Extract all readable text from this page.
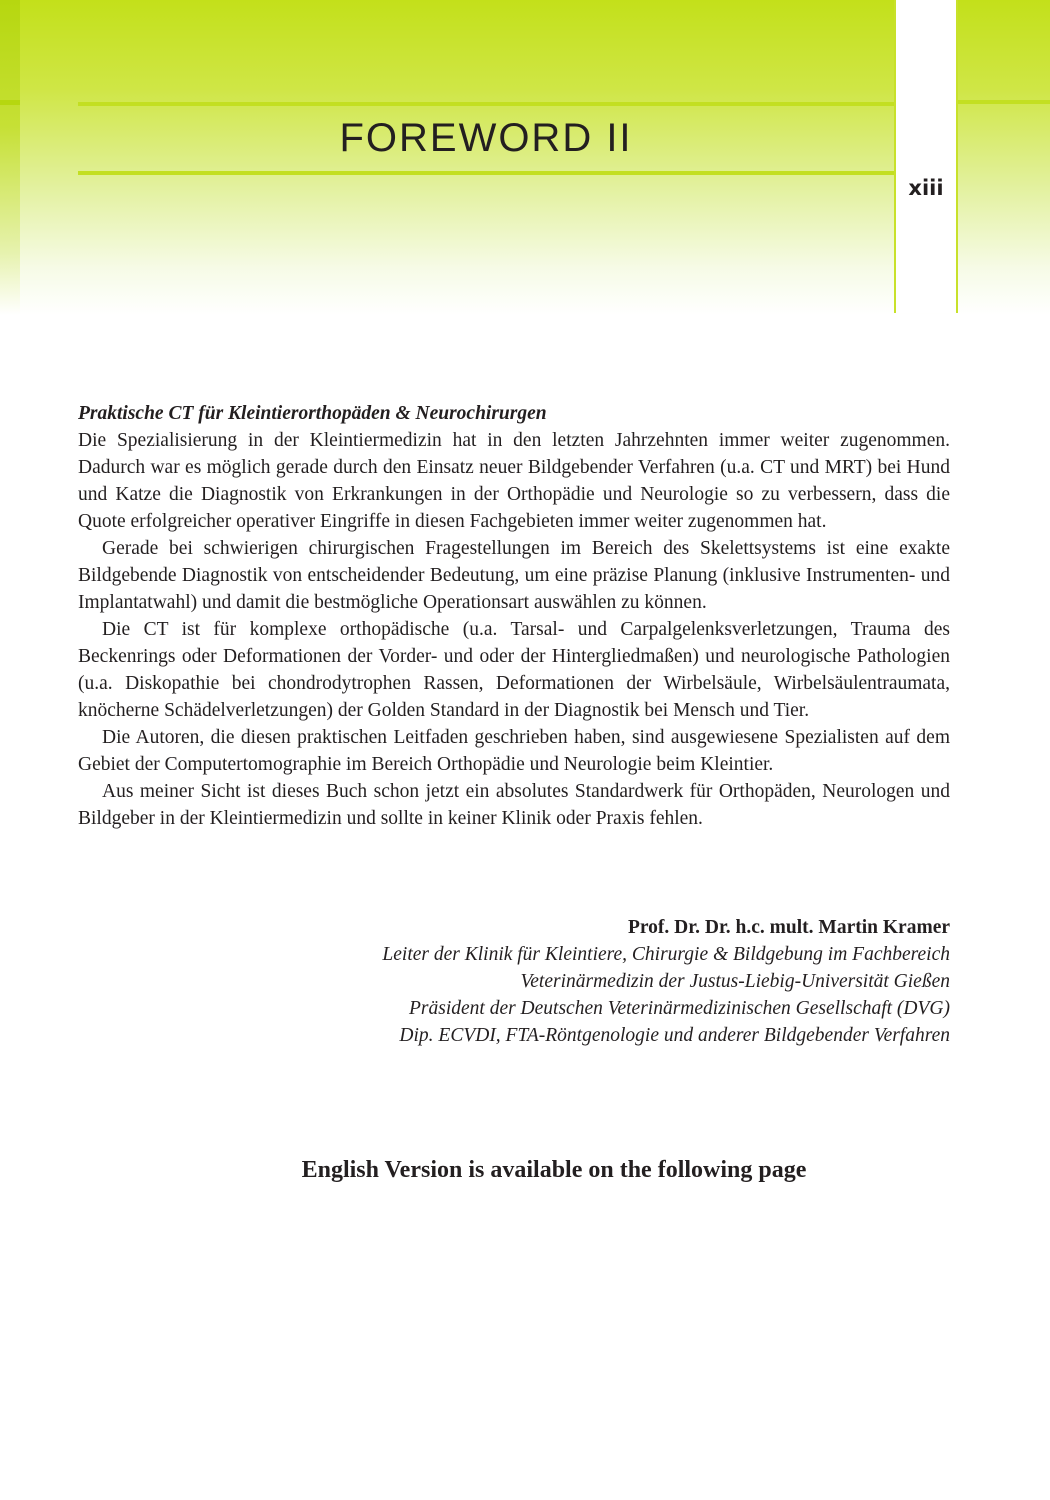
FOREWORD II
xiii

Praktische CT für Kleintierorthopäden & Neurochirurgen

Die Spezialisierung in der Kleintiermedizin hat in den letzten Jahrzehnten immer weiter zugenommen. Dadurch war es möglich gerade durch den Einsatz neuer Bildgebender Verfahren (u.a. CT und MRT) bei Hund und Katze die Diagnostik von Erkrankungen in der Orthopädie und Neurologie so zu verbessern, dass die Quote erfolgreicher operativer Eingriffe in diesen Fachgebieten immer weiter zugenommen hat.

Gerade bei schwierigen chirurgischen Fragestellungen im Bereich des Skelettsystems ist eine exakte Bildgebende Diagnostik von entscheidender Bedeutung, um eine präzise Planung (inklusive Instrumenten- und Implantatwahl) und damit die bestmögliche Operationsart auswählen zu können.

Die CT ist für komplexe orthopädische (u.a. Tarsal- und Carpalgelenksverletzungen, Trauma des Beckenrings oder Deformationen der Vorder- und oder der Hintergliedmaßen) und neurologische Pathologien (u.a. Diskopathie bei chondrodytrophen Rassen, Deformationen der Wirbelsäule, Wirbelsäulentraumata, knöcherne Schädelverletzungen) der Golden Standard in der Diagnostik bei Mensch und Tier.

Die Autoren, die diesen praktischen Leitfaden geschrieben haben, sind ausgewiesene Spezialisten auf dem Gebiet der Computertomographie im Bereich Orthopädie und Neurologie beim Kleintier.

Aus meiner Sicht ist dieses Buch schon jetzt ein absolutes Standardwerk für Orthopäden, Neurologen und Bildgeber in der Kleintiermedizin und sollte in keiner Klinik oder Praxis fehlen.

Prof. Dr. Dr. h.c. mult. Martin Kramer
Leiter der Klinik für Kleintiere, Chirurgie & Bildgebung im Fachbereich
Veterinärmedizin der Justus-Liebig-Universität Gießen
Präsident der Deutschen Veterinärmedizinischen Gesellschaft (DVG)
Dip. ECVDI, FTA-Röntgenologie und anderer Bildgebender Verfahren
English Version is available on the following page
